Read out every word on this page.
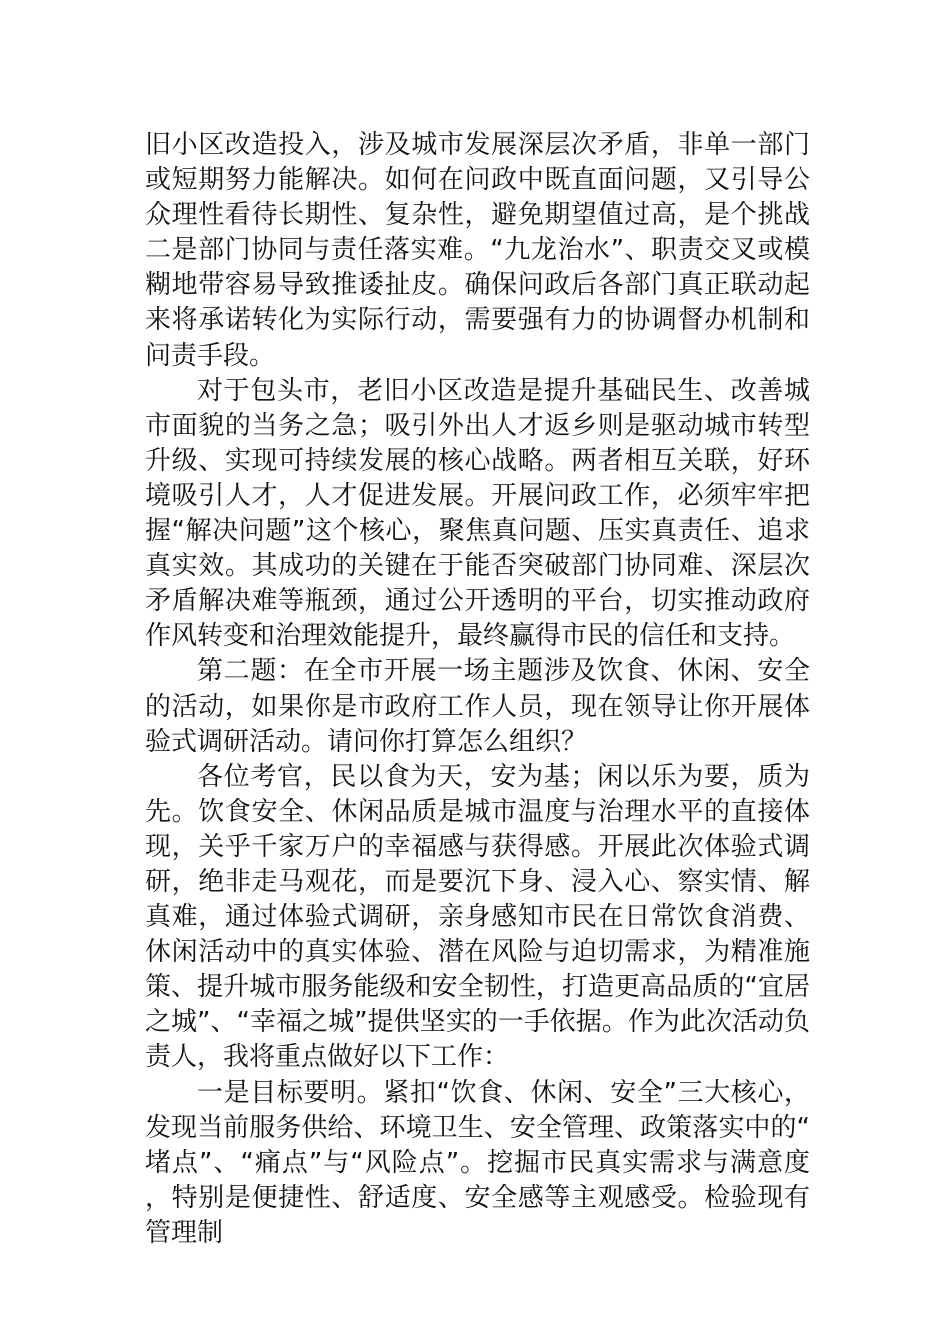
旧小区改造投入，涉及城市发展深层次矛盾，非单一部门或短期努力能解决。如何在问政中既直面问题，又引导公众理性看待长期性、复杂性，避免期望值过高，是个挑战二是部门协同与责任落实难。“九龙治水”、职责交叉或模糊地带容易导致推诿扯皮。确保问政后各部门真正联动起来将承诺转化为实际行动，需要强有力的协调督办机制和问责手段。

对于包头市，老旧小区改造是提升基础民生、改善城市面貌的当务之急；吸引外出人才返乡则是驱动城市转型升级、实现可持续发展的核心战略。两者相互关联，好环境吸引人才，人才促进发展。开展问政工作，必须牢牢把握“解决问题”这个核心，聚焦真问题、压实真责任、追求真实效。其成功的关键在于能否突破部门协同难、深层次矛盾解决难等瓶颈，通过公开透明的平台，切实推动政府作风转变和治理效能提升，最终赢得市民的信任和支持。

第二题：在全市开展一场主题涉及饮食、休闲、安全的活动，如果你是市政府工作人员，现在领导让你开展体验式调研活动。请问你打算怎么组织？

各位考官，民以食为天，安为基；闲以乐为要，质为先。饮食安全、休闲品质是城市温度与治理水平的直接体现，关乎千家万户的幸福感与获得感。开展此次体验式调研，绝非走马观花，而是要沉下身、浸入心、察实情、解真难，通过体验式调研，亲身感知市民在日常饮食消费、休闲活动中的真实体验、潜在风险与迫切需求，为精准施策、提升城市服务能级和安全韧性，打造更高品质的“宜居之城”、“幸福之城”提供坚实的一手依据。作为此次活动负责人，我将重点做好以下工作：

一是目标要明。紧扣“饮食、休闲、安全”三大核心，发现当前服务供给、环境卫生、安全管理、政策落实中的“堵点”、“痛点”与“风险点”。挖掘市民真实需求与满意度，特别是便捷性、舒适度、安全感等主观感受。检验现有管理制
